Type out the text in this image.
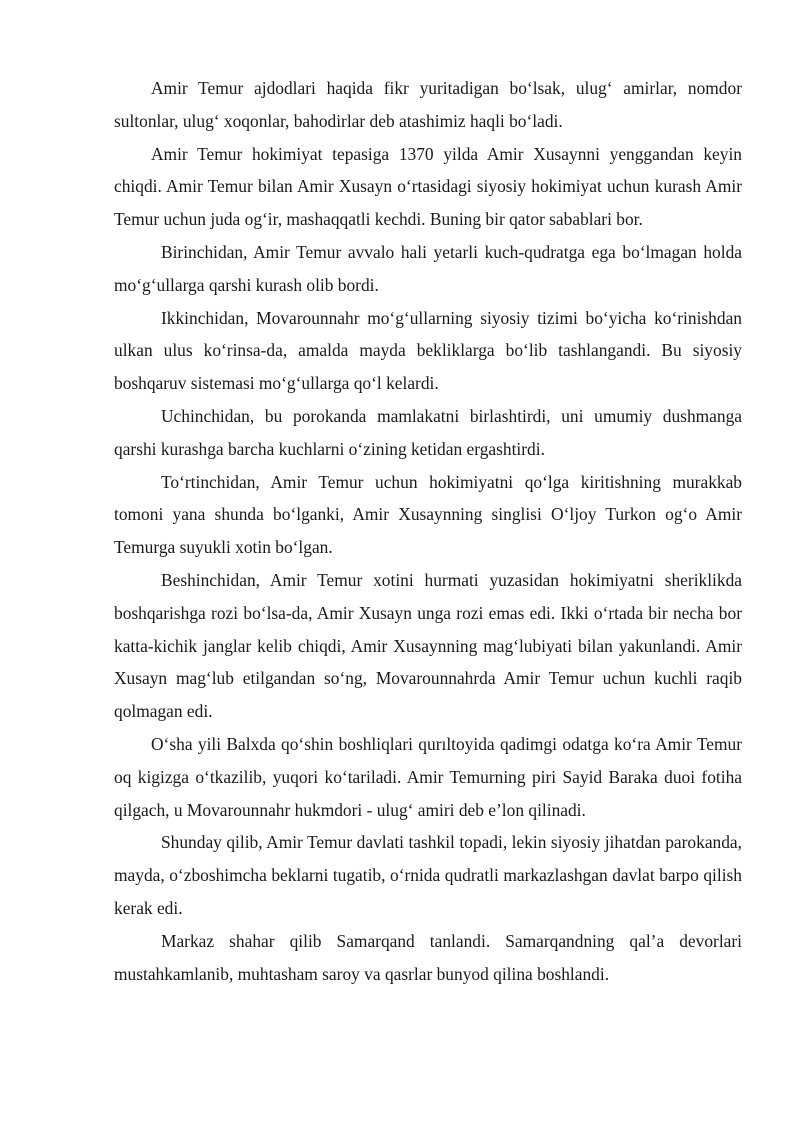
Amir Temur ajdodlari haqida fikr yuritadigan bo‘lsak, ulug‘ amirlar, nomdor sultonlar, ulug‘ xoqonlar, bahodirlar deb atashimiz haqli bo‘ladi.

Amir Temur hokimiyat tepasiga 1370 yilda Amir Xusaynni yenggandan keyin chiqdi. Amir Temur bilan Amir Xusayn o‘rtasidagi siyosiy hokimiyat uchun kurash Amir Temur uchun juda og‘ir, mashaqqatli kechdi. Buning bir qator sabablari bor.

Birinchidan, Amir Temur avvalo hali yetarli kuch-qudratga ega bo‘lmagan holda mo‘g‘ullarga qarshi kurash olib bordi.

Ikkinchidan, Movarounnahr mo‘g‘ullarning siyosiy tizimi bo‘yicha ko‘rinishdan ulkan ulus ko‘rinsa-da, amalda mayda bekliklarga bo‘lib tashlangandi. Bu siyosiy boshqaruv sistemasi mo‘g‘ullarga qo‘l kelardi.

Uchinchidan, bu porokanda mamlakatni birlashtirdi, uni umumiy dushmanga qarshi kurashga barcha kuchlarni o‘zining ketidan ergashtirdi.

To‘rtinchidan, Amir Temur uchun hokimiyatni qo‘lga kiritishning murakkab tomoni yana shunda bo‘lganki, Amir Xusaynning singlisi O‘ljoy Turkon og‘o Amir Temurga suyukli xotin bo‘lgan.

Beshinchidan, Amir Temur xotini hurmati yuzasidan hokimiyatni sheriklikda boshqarishga rozi bo‘lsa-da, Amir Xusayn unga rozi emas edi. Ikki o‘rtada bir necha bor katta-kichik janglar kelib chiqdi, Amir Xusaynning mag‘lubiyati bilan yakunlandi. Amir Xusayn mag‘lub etilgandan so‘ng, Movarounnahrda Amir Temur uchun kuchli raqib qolmagan edi.

O‘sha yili Balxda qo‘shin boshliqlari qurıltoyida qadimgi odatga ko‘ra Amir Temur oq kigizga o‘tkazilib, yuqori ko‘tariladi. Amir Temurning piri Sayid Baraka duoi fotiha qilgach, u Movarounnahr hukmdori - ulug‘ amiri deb e’lon qilinadi.

Shunday qilib, Amir Temur davlati tashkil topadi, lekin siyosiy jihatdan parokanda, mayda, o‘zboshimcha beklarni tugatib, o‘rnida qudratli markazlashgan davlat barpo qilish kerak edi.

Markaz shahar qilib Samarqand tanlandi. Samarqandning qal’a devorlari mustahkamlanib, muhtasham saroy va qasrlar bunyod qilina boshlandi.
